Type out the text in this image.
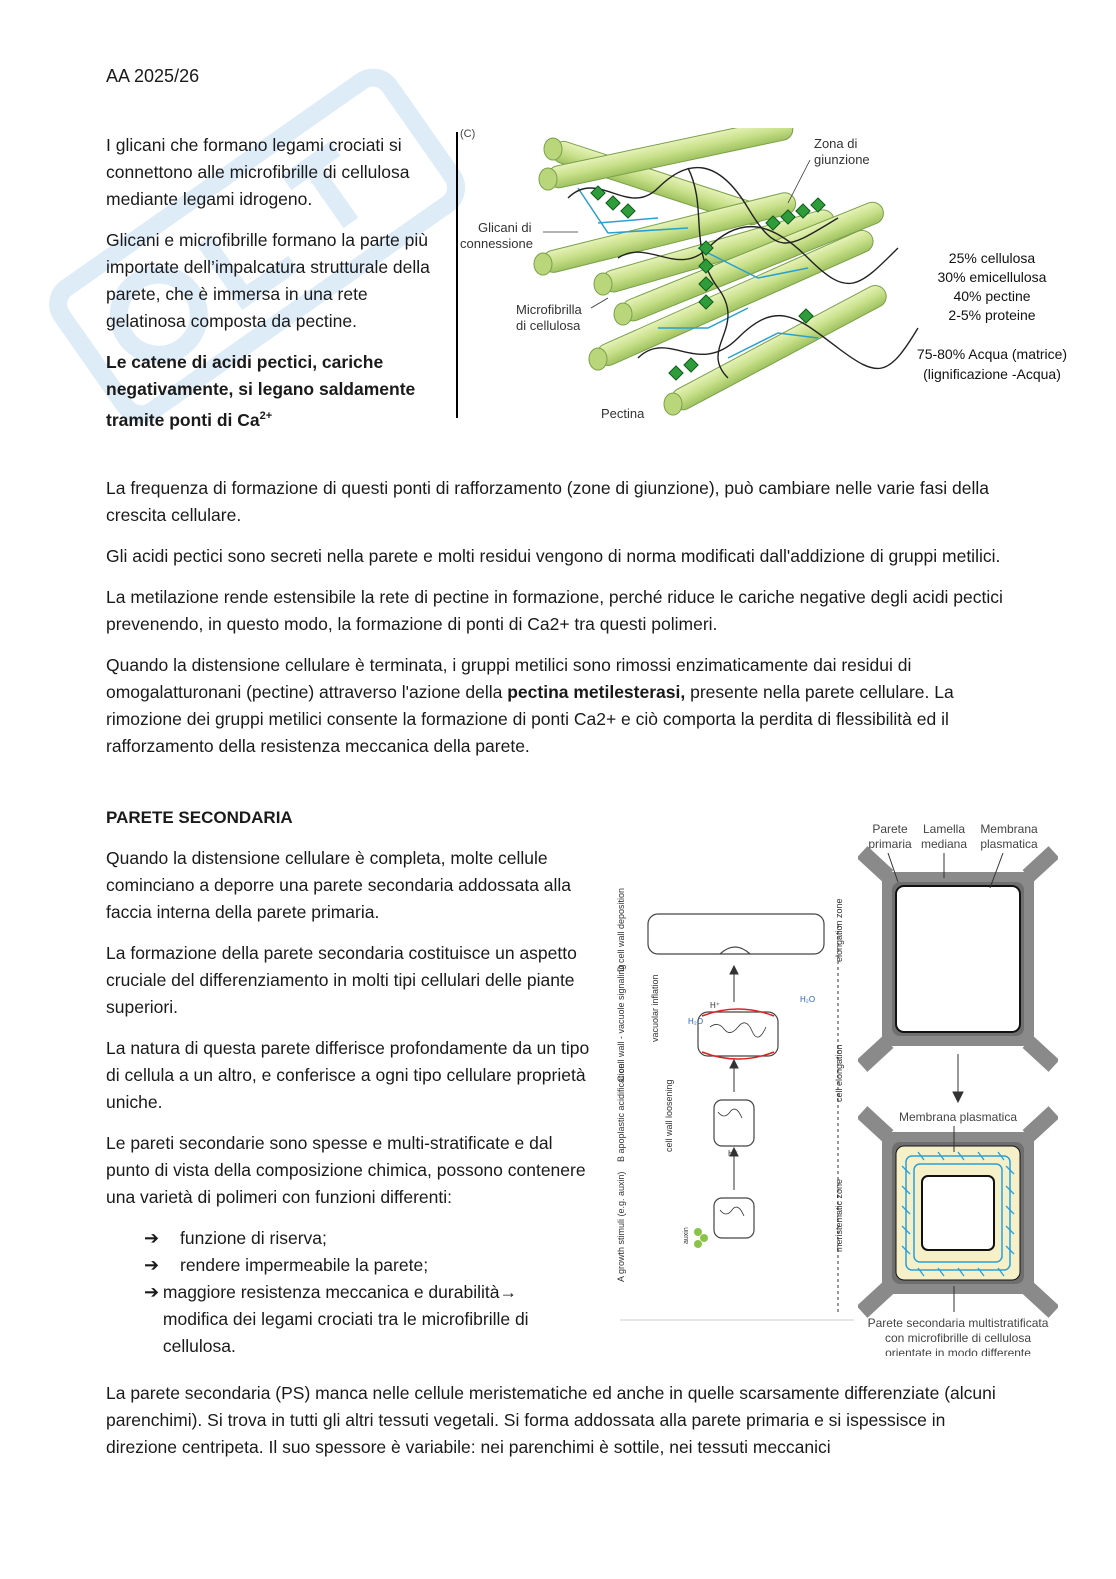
AA 2025/26

I glicani che formano legami crociati si connettono alle microfibrille di cellulosa mediante legami idrogeno.

Glicani e microfibrille formano la parte più importate dell’impalcatura strutturale della parete, che è immersa in una rete gelatinosa composta da pectine.

Le catene di acidi pectici, cariche negativamente, si legano saldamente tramite ponti di $Ca^{2+}$

(C)
Zona di
giunzione
Glicani di
connessione
Microfibrilla
di cellulosa
Pectina
25% cellulosa
30% emicellulosa
40% pectine
2-5% proteine
75-80% Acqua (matrice)
(lignificazione -Acqua)

La frequenza di formazione di questi ponti di rafforzamento (zone di giunzione), può cambiare nelle varie fasi della crescita cellulare.

Gli acidi pectici sono secreti nella parete e molti residui vengono di norma modificati dall'addizione di gruppi metilici.

La metilazione rende estensibile la rete di pectine in formazione, perché riduce le cariche negative degli acidi pectici prevenendo, in questo modo, la formazione di ponti di Ca2+ tra questi polimeri.

Quando la distensione cellulare è terminata, i gruppi metilici sono rimossi enzimaticamente dai residui di omogalatturonani (pectine) attraverso l'azione della pectina metilesterasi, presente nella parete cellulare. La rimozione dei gruppi metilici consente la formazione di ponti Ca2+ e ciò comporta la perdita di flessibilità ed il rafforzamento della resistenza meccanica della parete.

PARETE SECONDARIA

Quando la distensione cellulare è completa, molte cellule cominciano a deporre una parete secondaria addossata alla faccia interna della parete primaria.

La formazione della parete secondaria costituisce un aspetto cruciale del differenziamento in molti tipi cellulari delle piante superiori.

La natura di questa parete differisce profondamente da un tipo di cellula a un altro, e conferisce a ogni tipo cellulare proprietà uniche.

Le pareti secondarie sono spesse e multi-stratificate e dal punto di vista della composizione chimica, possono contenere una varietà di polimeri con funzioni differenti:

➔	funzione di riserva;
➔	rendere impermeabile la parete;
➔ maggiore resistenza meccanica e durabilità→ modifica dei legami crociati tra le microfibrille di cellulosa.
A growth stimuli (e.g. auxin)
B apoplastic acidification
C cell wall - vacuole signaling
D cell wall deposition
cell wall loosening
vacuolar inflation
meristematic zone
cell elongation
elongation zone
H₂O
H₂O
H⁺
H⁺
auxin
Parete
primaria
Lamella
mediana
Membrana
plasmatica
Membrana plasmatica
Parete secondaria multistratificata
con microfibrille di cellulosa
orientate in modo differente

La parete secondaria (PS) manca nelle cellule meristematiche ed anche in quelle scarsamente differenziate (alcuni parenchimi). Si trova in tutti gli altri tessuti vegetali. Si forma addossata alla parete primaria e si ispessisce in direzione centripeta. Il suo spessore è variabile: nei parenchimi è sottile, nei tessuti meccanici
